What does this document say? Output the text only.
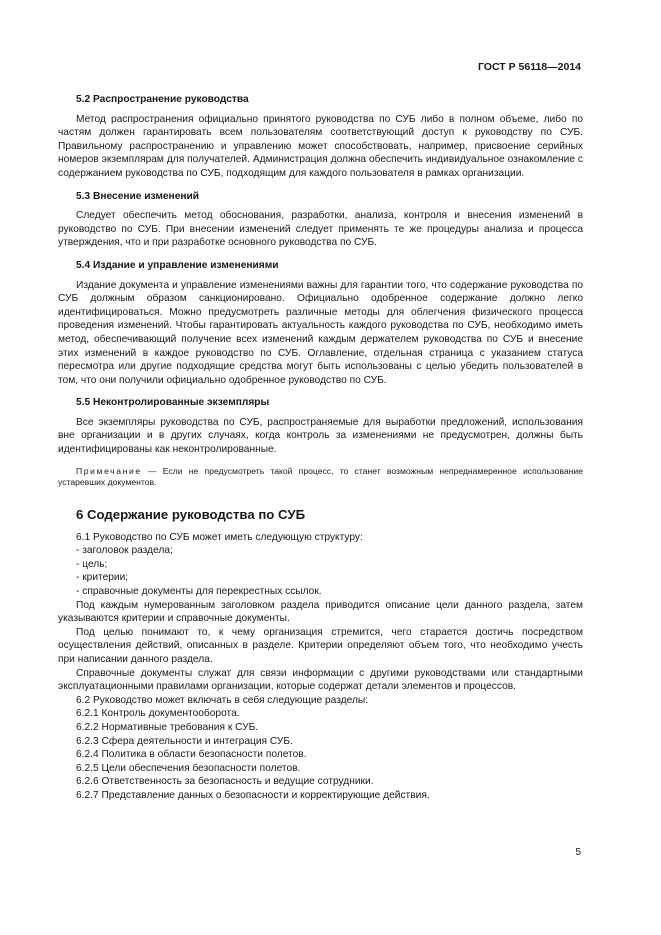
ГОСТ Р 56118—2014

5.2 Распространение руководства

Метод распространения официально принятого руководства по СУБ либо в полном объеме, либо по частям должен гарантировать всем пользователям соответствующий доступ к руководству по СУБ. Правильному распространению и управлению может способствовать, например, присвоение серийных номеров экземплярам для получателей. Администрация должна обеспечить индивидуальное ознакомление с содержанием руководства по СУБ, подходящим для каждого пользователя в рамках организации.

5.3 Внесение изменений

Следует обеспечить метод обоснования, разработки, анализа, контроля и внесения изменений в руководство по СУБ. При внесении изменений следует применять те же процедуры анализа и процесса утверждения, что и при разработке основного руководства по СУБ.

5.4 Издание и управление изменениями

Издание документа и управление изменениями важны для гарантии того, что содержание руководства по СУБ должным образом санкционировано. Официально одобренное содержание должно легко идентифицироваться. Можно предусмотреть различные методы для облегчения физического процесса проведения изменений. Чтобы гарантировать актуальность каждого руководства по СУБ, необходимо иметь метод, обеспечивающий получение всех изменений каждым держателем руководства по СУБ и внесение этих изменений в каждое руководство по СУБ. Оглавление, отдельная страница с указанием статуса пересмотра или другие подходящие средства могут быть использованы с целью убедить пользователей в том, что они получили официально одобренное руководство по СУБ.

5.5 Неконтролированные экземпляры

Все экземпляры руководства по СУБ, распространяемые для выработки предложений, использования вне организации и в других случаях, когда контроль за изменениями не предусмотрен, должны быть идентифицированы как неконтролированные.

Примечание — Если не предусмотреть такой процесс, то станет возможным непреднамеренное использование устаревших документов.

6 Содержание руководства по СУБ

6.1 Руководство по СУБ может иметь следующую структуру:

- заголовок раздела;

- цель;

- критерии;

- справочные документы для перекрестных ссылок.

Под каждым нумерованным заголовком раздела приводится описание цели данного раздела, затем указываются критерии и справочные документы.

Под целью понимают то, к чему организация стремится, чего старается достичь посредством осуществления действий, описанных в разделе. Критерии определяют объем того, что необходимо учесть при написании данного раздела.

Справочные документы служат для связи информации с другими руководствами или стандартными эксплуатационными правилами организации, которые содержат детали элементов и процессов.

6.2 Руководство может включать в себя следующие разделы:

6.2.1 Контроль документооборота.

6.2.2 Нормативные требования к СУБ.

6.2.3 Сфера деятельности и интеграция СУБ.

6.2.4 Политика в области безопасности полетов.

6.2.5 Цели обеспечения безопасности полетов.

6.2.6 Ответственность за безопасность и ведущие сотрудники.

6.2.7 Представление данных о безопасности и корректирующие действия.

5
